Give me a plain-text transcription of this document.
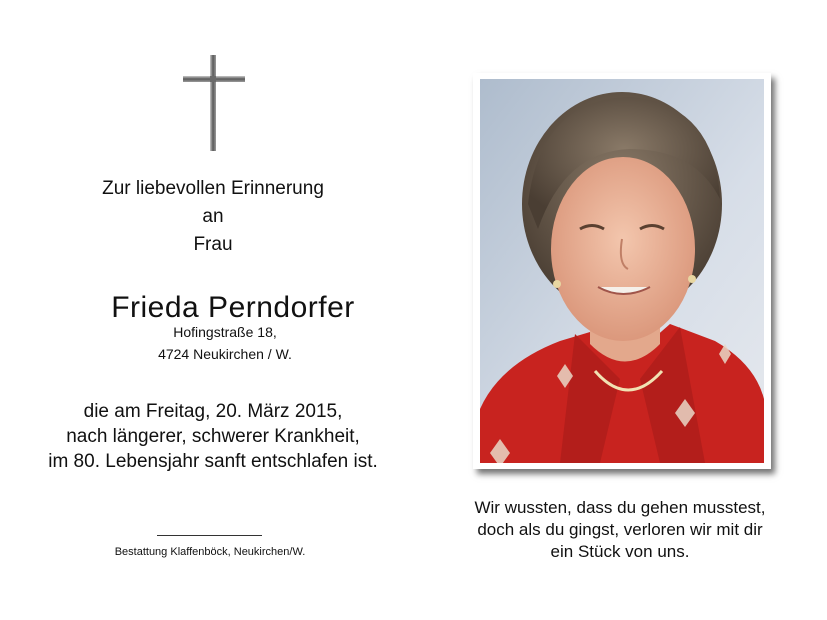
Zur liebevollen Erinnerung
an
Frau
Frieda Perndorfer
Hofingstraße 18,
4724 Neukirchen / W.
die am Freitag, 20. März 2015,
nach längerer, schwerer Krankheit,
im 80. Lebensjahr sanft entschlafen ist.
Bestattung Klaffenböck, Neukirchen/W.
Wir wussten, dass du gehen musstest,
doch als du gingst, verloren wir mit dir
ein Stück von uns.
